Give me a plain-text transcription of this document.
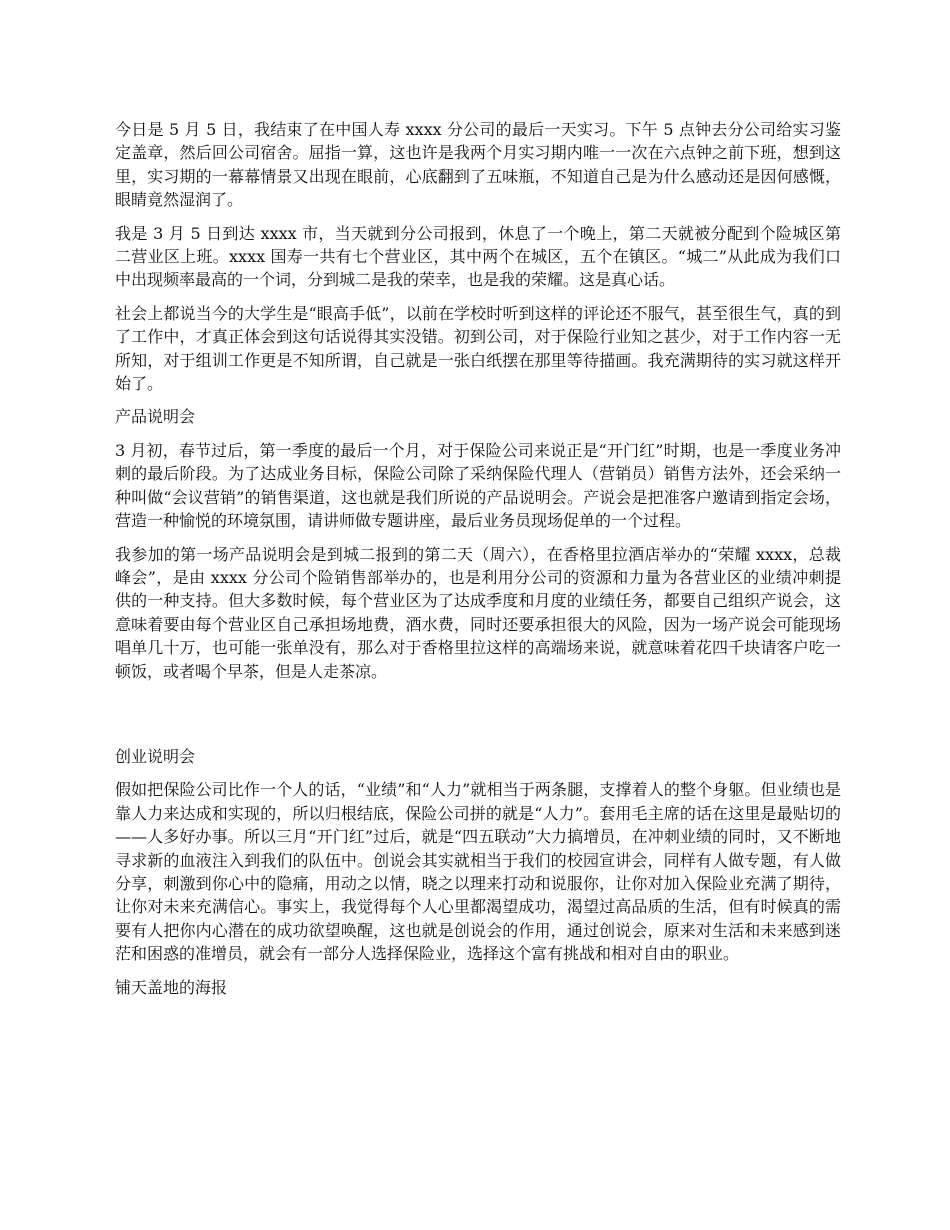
今日是 5 月 5 日，我结束了在中国人寿 xxxx 分公司的最后一天实习。下午 5 点钟去分公司给实习鉴定盖章，然后回公司宿舍。屈指一算，这也许是我两个月实习期内唯一一次在六点钟之前下班，想到这里，实习期的一幕幕情景又出现在眼前，心底翻到了五味瓶，不知道自己是为什么感动还是因何感慨，眼睛竟然湿润了。

我是 3 月 5 日到达 xxxx 市，当天就到分公司报到，休息了一个晚上，第二天就被分配到个险城区第二营业区上班。xxxx 国寿一共有七个营业区，其中两个在城区，五个在镇区。“城二”从此成为我们口中出现频率最高的一个词，分到城二是我的荣幸，也是我的荣耀。这是真心话。

社会上都说当今的大学生是“眼高手低”，以前在学校时听到这样的评论还不服气，甚至很生气，真的到了工作中，才真正体会到这句话说得其实没错。初到公司，对于保险行业知之甚少，对于工作内容一无所知，对于组训工作更是不知所谓，自己就是一张白纸摆在那里等待描画。我充满期待的实习就这样开始了。

产品说明会

3 月初，春节过后，第一季度的最后一个月，对于保险公司来说正是“开门红”时期，也是一季度业务冲刺的最后阶段。为了达成业务目标，保险公司除了采纳保险代理人（营销员）销售方法外，还会采纳一种叫做“会议营销”的销售渠道，这也就是我们所说的产品说明会。产说会是把准客户邀请到指定会场，营造一种愉悦的环境氛围，请讲师做专题讲座，最后业务员现场促单的一个过程。

我参加的第一场产品说明会是到城二报到的第二天（周六），在香格里拉酒店举办的“荣耀 xxxx，总裁峰会”，是由 xxxx 分公司个险销售部举办的，也是利用分公司的资源和力量为各营业区的业绩冲刺提供的一种支持。但大多数时候，每个营业区为了达成季度和月度的业绩任务，都要自己组织产说会，这意味着要由每个营业区自己承担场地费，酒水费，同时还要承担很大的风险，因为一场产说会可能现场唱单几十万，也可能一张单没有，那么对于香格里拉这样的高端场来说，就意味着花四千块请客户吃一顿饭，或者喝个早茶，但是人走茶凉。

创业说明会

假如把保险公司比作一个人的话，“业绩”和“人力”就相当于两条腿，支撑着人的整个身躯。但业绩也是靠人力来达成和实现的，所以归根结底，保险公司拼的就是“人力”。套用毛主席的话在这里是最贴切的——人多好办事。所以三月“开门红”过后，就是“四五联动”大力搞增员，在冲刺业绩的同时，又不断地寻求新的血液注入到我们的队伍中。创说会其实就相当于我们的校园宣讲会，同样有人做专题，有人做分享，刺激到你心中的隐痛，用动之以情，晓之以理来打动和说服你，让你对加入保险业充满了期待，让你对未来充满信心。事实上，我觉得每个人心里都渴望成功，渴望过高品质的生活，但有时候真的需要有人把你内心潜在的成功欲望唤醒，这也就是创说会的作用，通过创说会，原来对生活和未来感到迷茫和困惑的准增员，就会有一部分人选择保险业，选择这个富有挑战和相对自由的职业。

铺天盖地的海报
